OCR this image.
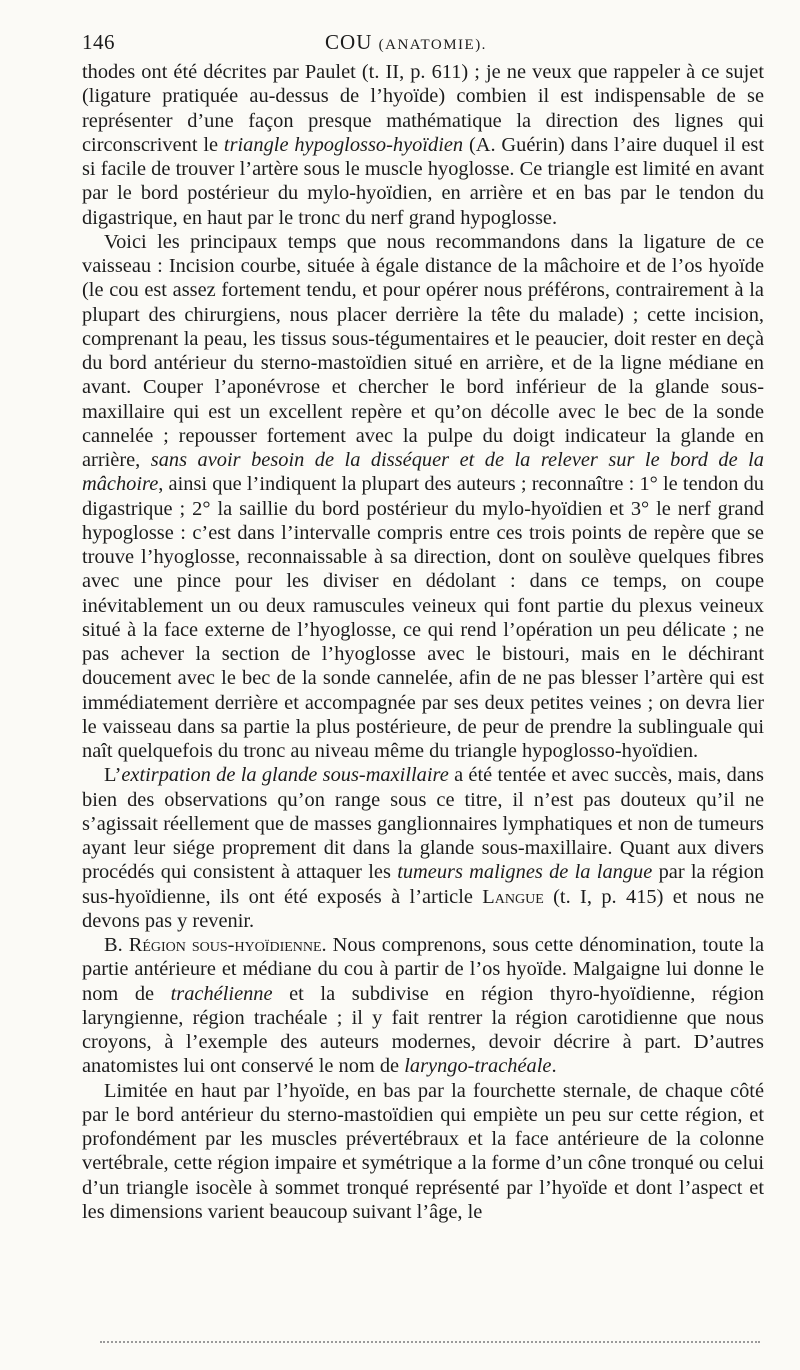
146	COU (ANATOMIE).

thodes ont été décrites par Paulet (t. II, p. 611) ; je ne veux que rappeler à ce sujet (ligature pratiquée au-dessus de l’hyoïde) combien il est indispensable de se représenter d’une façon presque mathématique la direction des lignes qui circonscrivent le triangle hypoglosso-hyoïdien (A. Guérin) dans l’aire duquel il est si facile de trouver l’artère sous le muscle hyoglosse. Ce triangle est limité en avant par le bord postérieur du mylo-hyoïdien, en arrière et en bas par le tendon du digastrique, en haut par le tronc du nerf grand hypoglosse.

Voici les principaux temps que nous recommandons dans la ligature de ce vaisseau : Incision courbe, située à égale distance de la mâchoire et de l’os hyoïde (le cou est assez fortement tendu, et pour opérer nous préférons, contrairement à la plupart des chirurgiens, nous placer derrière la tête du malade) ; cette incision, comprenant la peau, les tissus sous-tégumentaires et le peaucier, doit rester en deçà du bord antérieur du sterno-mastoïdien situé en arrière, et de la ligne médiane en avant. Couper l’aponévrose et chercher le bord inférieur de la glande sous-maxillaire qui est un excellent repère et qu’on décolle avec le bec de la sonde cannelée ; repousser fortement avec la pulpe du doigt indicateur la glande en arrière, sans avoir besoin de la disséquer et de la relever sur le bord de la mâchoire, ainsi que l’indiquent la plupart des auteurs ; reconnaître : 1° le tendon du digastrique ; 2° la saillie du bord postérieur du mylo-hyoïdien et 3° le nerf grand hypoglosse : c’est dans l’intervalle compris entre ces trois points de repère que se trouve l’hyoglosse, reconnaissable à sa direction, dont on soulève quelques fibres avec une pince pour les diviser en dédolant : dans ce temps, on coupe inévitablement un ou deux ramuscules veineux qui font partie du plexus veineux situé à la face externe de l’hyoglosse, ce qui rend l’opération un peu délicate ; ne pas achever la section de l’hyoglosse avec le bistouri, mais en le déchirant doucement avec le bec de la sonde cannelée, afin de ne pas blesser l’artère qui est immédiatement derrière et accompagnée par ses deux petites veines ; on devra lier le vaisseau dans sa partie la plus postérieure, de peur de prendre la sublinguale qui naît quelquefois du tronc au niveau même du triangle hypoglosso-hyoïdien.

L’extirpation de la glande sous-maxillaire a été tentée et avec succès, mais, dans bien des observations qu’on range sous ce titre, il n’est pas douteux qu’il ne s’agissait réellement que de masses ganglionnaires lymphatiques et non de tumeurs ayant leur siége proprement dit dans la glande sous-maxillaire. Quant aux divers procédés qui consistent à attaquer les tumeurs malignes de la langue par la région sus-hyoïdienne, ils ont été exposés à l’article Langue (t. I, p. 415) et nous ne devons pas y revenir.

B. Région sous-hyoïdienne. Nous comprenons, sous cette dénomination, toute la partie antérieure et médiane du cou à partir de l’os hyoïde. Malgaigne lui donne le nom de trachélienne et la subdivise en région thyro-hyoïdienne, région laryngienne, région trachéale ; il y fait rentrer la région carotidienne que nous croyons, à l’exemple des auteurs modernes, devoir décrire à part. D’autres anatomistes lui ont conservé le nom de laryngo-trachéale.

Limitée en haut par l’hyoïde, en bas par la fourchette sternale, de chaque côté par le bord antérieur du sterno-mastoïdien qui empiète un peu sur cette région, et profondément par les muscles prévertébraux et la face antérieure de la colonne vertébrale, cette région impaire et symétrique a la forme d’un cône tronqué ou celui d’un triangle isocèle à sommet tronqué représenté par l’hyoïde et dont l’aspect et les dimensions varient beaucoup suivant l’âge, le
